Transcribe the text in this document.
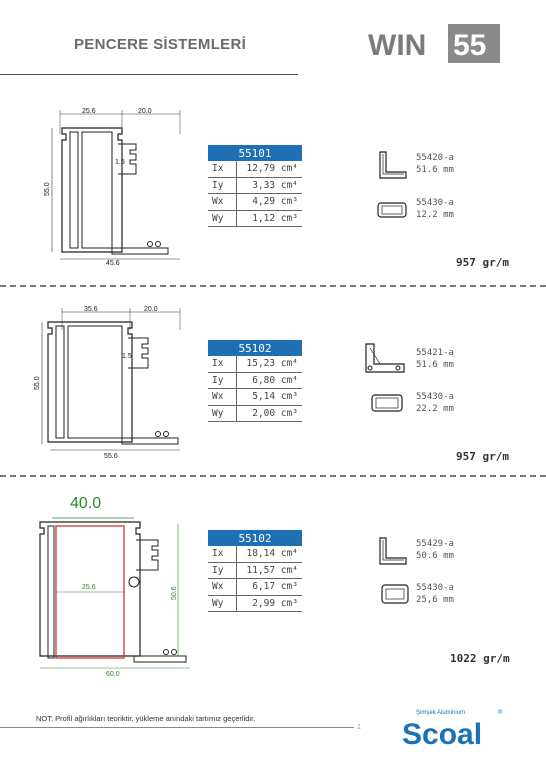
PENCERE SİSTEMLERİ	WIN 55
25.6	20.0
55.0
45.6
1.5
55101	
Ix	12,79 cm⁴
Iy	3,33 cm⁴
Wx	4,29 cm³
Wy	1,12 cm³
55420-a
51.6 mm
55430-a
12.2 mm
957 gr/m
35.6	20.0
55.0
55.6
1.5
55102	
Ix	15,23 cm⁴
Iy	6,80 cm⁴
Wx	5,14 cm³
Wy	2,00 cm³
55421-a
51.6 mm
55430-a
22.2 mm
957 gr/m
40.0
50.6
60.0
25.6
55102	
Ix	18,14 cm⁴
Iy	11,57 cm⁴
Wx	6,17 cm³
Wy	2,99 cm³
55429-a
50.6 mm
55430-a
25,6 mm
1022 gr/m
NOT: Profil ağırlıkları teoriktir, yükleme anındaki tartımız geçerlidir.
1
Şimşek Aluminium	®
Scoal
